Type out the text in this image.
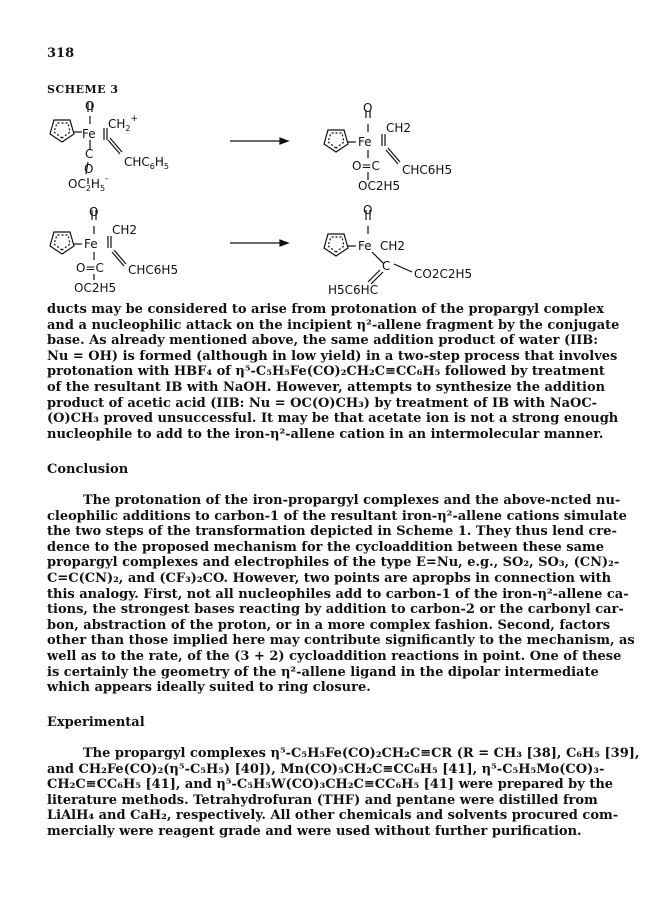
318
SCHEME 3
O
Fe
$CH_2^+$
C
O	$CHC_6H_5$
$OC_2H_5^-$
O
Fe
CH2
O=C CHC6H5
OC2H5
O
Fe
CH2
O=C CHC6H5
OC2H5
O
Fe CH2
C
CO2C2H5
H5C6HC
ducts may be considered to arise from protonation of the propargyl complex
and a nucleophilic attack on the incipient η²-allene fragment by the conjugate
base. As already mentioned above, the same addition product of water (IIB:
Nu = OH) is formed (although in low yield) in a two-step process that involves
protonation with HBF₄ of η⁵-C₅H₅Fe(CO)₂CH₂C≡CC₆H₅ followed by treatment
of the resultant IB with NaOH. However, attempts to synthesize the addition
product of acetic acid (IIB: Nu = OC(O)CH₃) by treatment of IB with NaOC-
(O)CH₃ proved unsuccessful. It may be that acetate ion is not a strong enough
nucleophile to add to the iron-η²-allene cation in an intermolecular manner.
Conclusion
The protonation of the iron-propargyl complexes and the above-ncted nu-
cleophilic additions to carbon-1 of the resultant iron-η²-allene cations simulate
the two steps of the transformation depicted in Scheme 1. They thus lend cre-
dence to the proposed mechanism for the cycloaddition between these same
propargyl complexes and electrophiles of the type E=Nu, e.g., SO₂, SO₃, (CN)₂-
C=C(CN)₂, and (CF₃)₂CO. However, two points are apropbs in connection with
this analogy. First, not all nucleophiles add to carbon-1 of the iron-η²-allene ca-
tions, the strongest bases reacting by addition to carbon-2 or the carbonyl car-
bon, abstraction of the proton, or in a more complex fashion. Second, factors
other than those implied here may contribute significantly to the mechanism, as
well as to the rate, of the (3 + 2) cycloaddition reactions in point. One of these
is certainly the geometry of the η²-allene ligand in the dipolar intermediate
which appears ideally suited to ring closure.
Experimental
The propargyl complexes η⁵-C₅H₅Fe(CO)₂CH₂C≡CR (R = CH₃ [38], C₆H₅ [39],
and CH₂Fe(CO)₂(η⁵-C₅H₅) [40]), Mn(CO)₅CH₂C≡CC₆H₅ [41], η⁵-C₅H₅Mo(CO)₃-
CH₂C≡CC₆H₅ [41], and η⁵-C₅H₅W(CO)₃CH₂C≡CC₆H₅ [41] were prepared by the
literature methods. Tetrahydrofuran (THF) and pentane were distilled from
LiAlH₄ and CaH₂, respectively. All other chemicals and solvents procured com-
mercially were reagent grade and were used without further purification.
